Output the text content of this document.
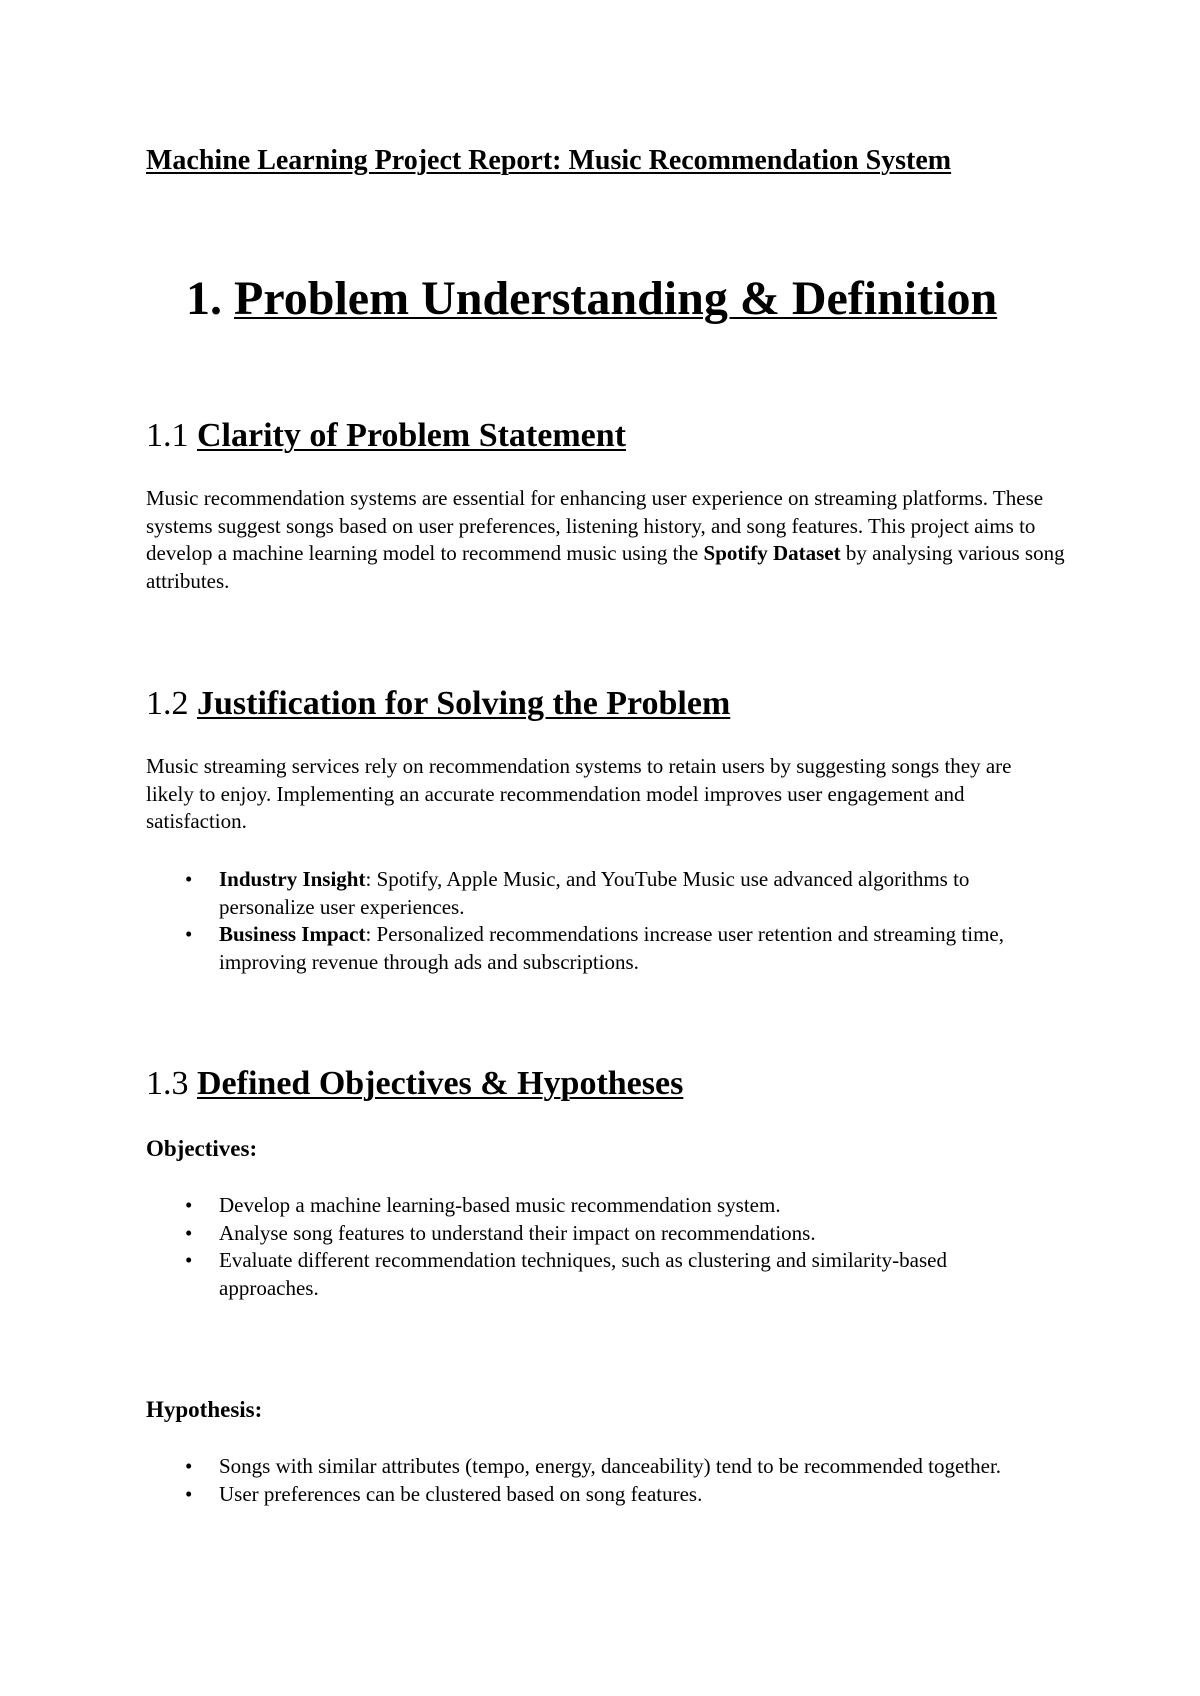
Machine Learning Project Report: Music Recommendation System
1. Problem Understanding & Definition
1.1 Clarity of Problem Statement

Music recommendation systems are essential for enhancing user experience on streaming platforms. These systems suggest songs based on user preferences, listening history, and song features. This project aims to develop a machine learning model to recommend music using the Spotify Dataset by analysing various song attributes.

1.2 Justification for Solving the Problem

Music streaming services rely on recommendation systems to retain users by suggesting songs they are likely to enjoy. Implementing an accurate recommendation model improves user engagement and satisfaction.

• Industry Insight: Spotify, Apple Music, and YouTube Music use advanced algorithms to personalize user experiences.
• Business Impact: Personalized recommendations increase user retention and streaming time, improving revenue through ads and subscriptions.
1.3 Defined Objectives & Hypotheses
Objectives:
• Develop a machine learning-based music recommendation system.
• Analyse song features to understand their impact on recommendations.
• Evaluate different recommendation techniques, such as clustering and similarity-based approaches.
Hypothesis:
• Songs with similar attributes (tempo, energy, danceability) tend to be recommended together.
• User preferences can be clustered based on song features.
